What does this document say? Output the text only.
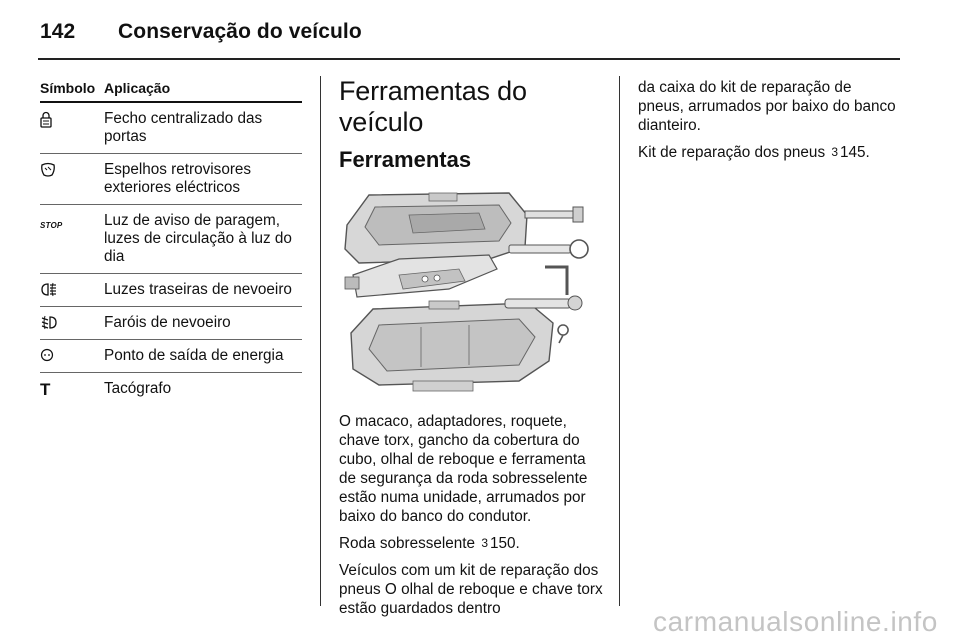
142 Conservação do veículo
Símbolo Aplicação
Fecho centralizado das portas
Espelhos retrovisores exteriores eléctricos
STOP	Luz de aviso de paragem, luzes de circulação à luz do dia
Luzes traseiras de nevoeiro
Faróis de nevoeiro
Ponto de saída de energia
T	Tacógrafo
Ferramentas do veículo
Ferramentas

O macaco, adaptadores, roquete, chave torx, gancho da cobertura do cubo, olhal de reboque e ferramenta de segurança da roda sobresselente estão numa unidade, arrumados por baixo do banco do condutor.

Roda sobresselente 3 150.

Veículos com um kit de reparação dos pneus O olhal de reboque e chave torx estão guardados dentro

da caixa do kit de reparação de pneus, arrumados por baixo do banco dianteiro.

Kit de reparação dos pneus 3 145.

carmanualsonline.info
